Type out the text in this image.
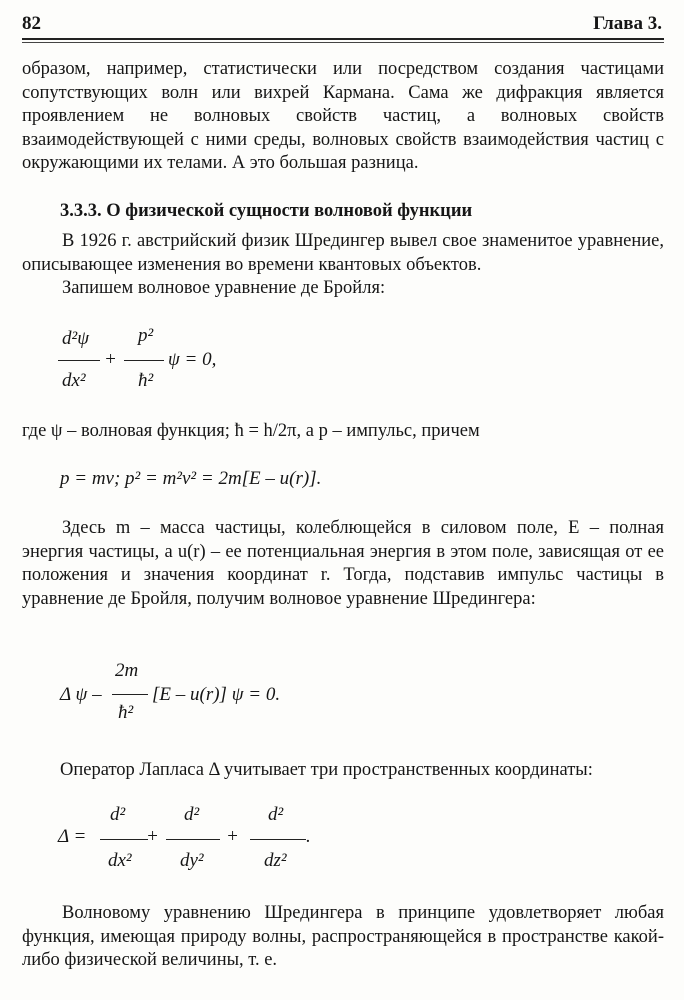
82	Глава 3.
образом, например, статистически или посредством создания частицами сопутствующих волн или вихрей Кармана. Сама же дифракция является проявлением не волновых свойств частиц, а волновых свойств взаимодействующей с ними среды, волновых свойств взаимодействия частиц с окружающими их телами. А это большая разница.
3.3.3. О физической сущности волновой функции
В 1926 г. австрийский физик Шредингер вывел свое знаменитое уравнение, описывающее изменения во времени квантовых объектов.
Запишем волновое уравнение де Бройля:
d²ψ
dx²
+
p²
ħ²
ψ = 0,
где ψ – волновая функция; ħ = h/2π, а p – импульс, причем
p = mv; p² = m²v² = 2m[E – u(r)].
Здесь m – масса частицы, колеблющейся в силовом поле, E – полная энергия частицы, а u(r) – ее потенциальная энергия в этом поле, зависящая от ее положения и значения координат r. Тогда, подставив импульс частицы в уравнение де Бройля, получим волновое уравнение Шредингера:
2m
Δ ψ –
ħ²
[E – u(r)] ψ = 0.
Оператор Лапласа Δ учитывает три пространственных координаты:
Δ =
d²
dx²
+
d²
dy²
+
d²
dz²
.
Волновому уравнению Шредингера в принципе удовлетворяет любая функция, имеющая природу волны, распространяющейся в пространстве какой-либо физической величины, т. е.
